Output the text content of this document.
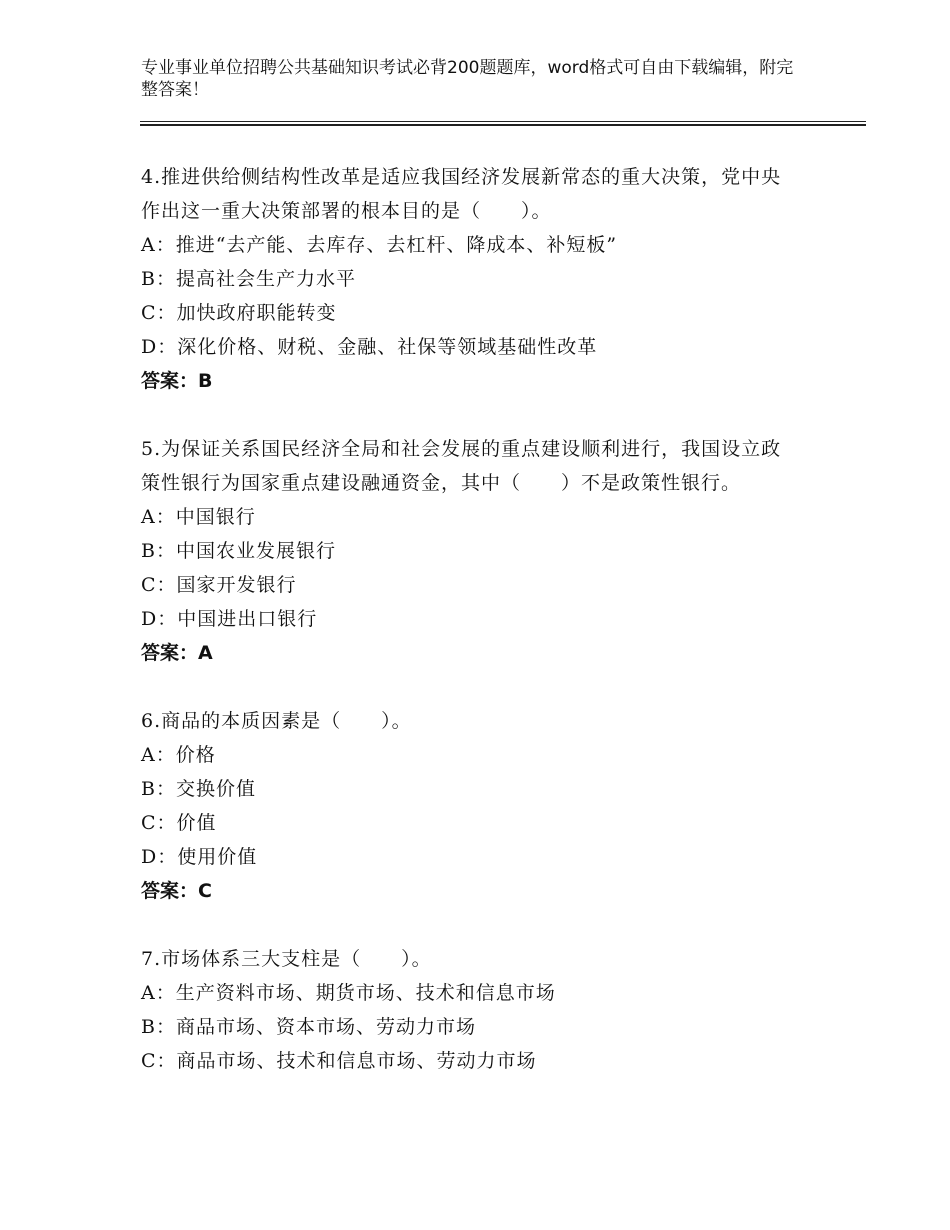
专业事业单位招聘公共基础知识考试必背200题题库，word格式可自由下载编辑，附完整答案！
4.推进供给侧结构性改革是适应我国经济发展新常态的重大决策，党中央作出这一重大决策部署的根本目的是（　　）。
A：推进“去产能、去库存、去杠杆、降成本、补短板”
B：提高社会生产力水平
C：加快政府职能转变
D：深化价格、财税、金融、社保等领域基础性改革
答案：B
5.为保证关系国民经济全局和社会发展的重点建设顺利进行，我国设立政策性银行为国家重点建设融通资金，其中（　　）不是政策性银行。
A：中国银行
B：中国农业发展银行
C：国家开发银行
D：中国进出口银行
答案：A
6.商品的本质因素是（　　）。
A：价格
B：交换价值
C：价值
D：使用价值
答案：C
7.市场体系三大支柱是（　　）。
A：生产资料市场、期货市场、技术和信息市场
B：商品市场、资本市场、劳动力市场
C：商品市场、技术和信息市场、劳动力市场
